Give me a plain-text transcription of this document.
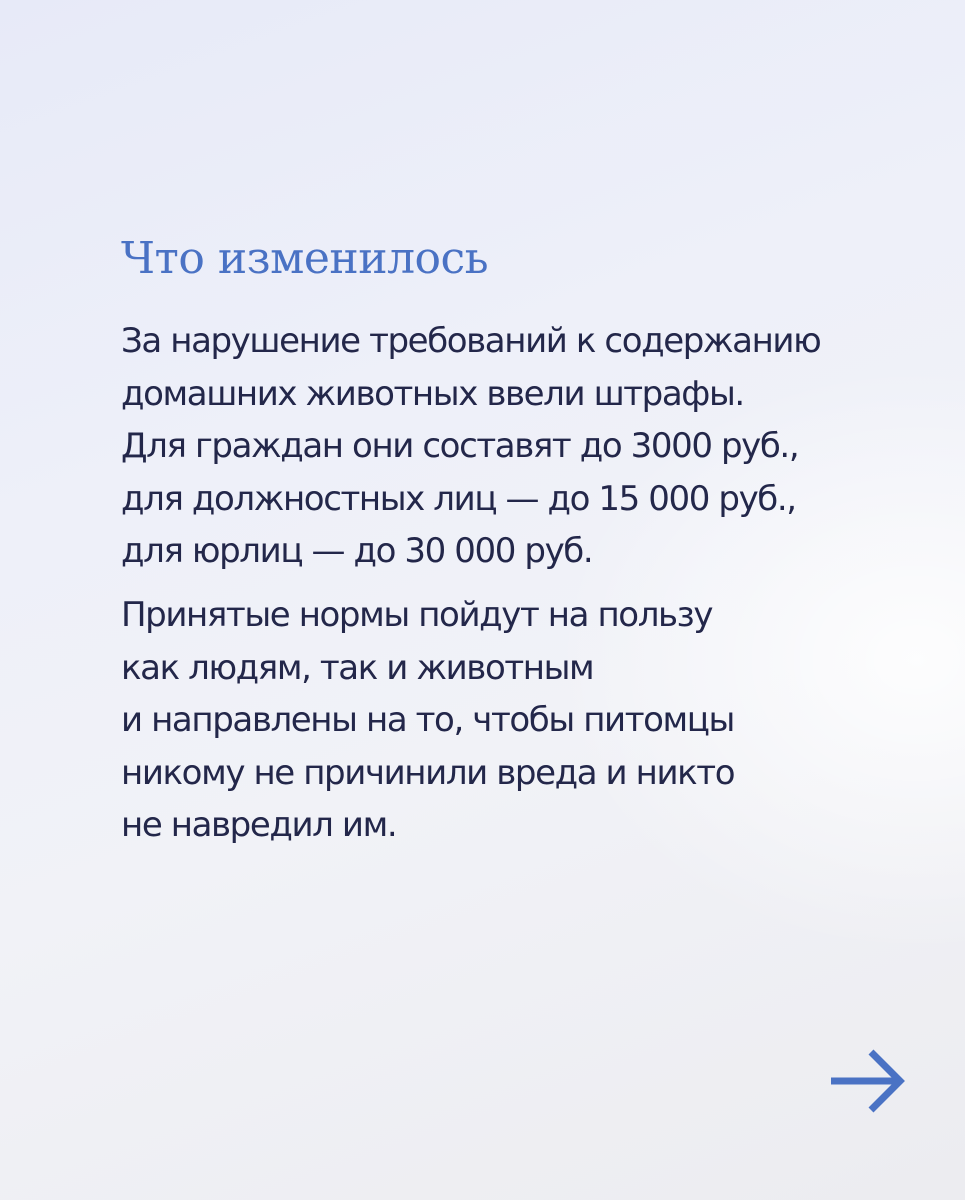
Что изменилось

За нарушение требований к содержанию
домашних животных ввели штрафы.
Для граждан они составят до 3000 руб.,
для должностных лиц — до 15 000 руб.,
для юрлиц — до 30 000 руб.

Принятые нормы пойдут на пользу
как людям, так и животным
и направлены на то, чтобы питомцы
никому не причинили вреда и никто
не навредил им.
